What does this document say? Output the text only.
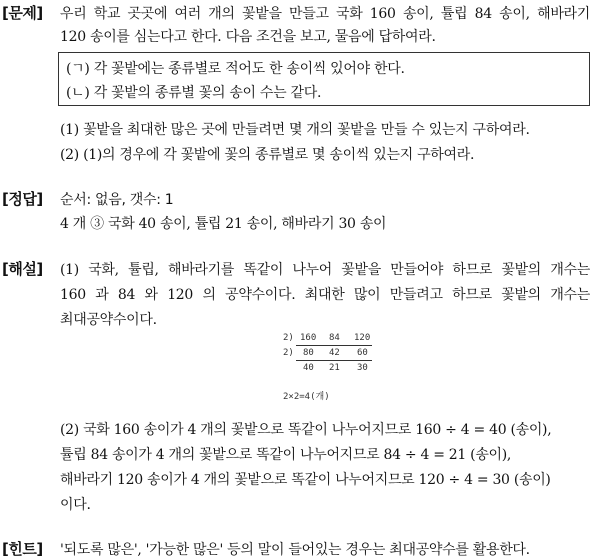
[문제] 우리 학교 곳곳에 여러 개의 꽃밭을 만들고 국화 160 송이, 튤립 84 송이, 해바라기
120 송이를 심는다고 한다. 다음 조건을 보고, 물음에 답하여라.
(ㄱ) 각 꽃밭에는 종류별로 적어도 한 송이씩 있어야 한다.
(ㄴ) 각 꽃밭의 종류별 꽃의 송이 수는 같다.
(1) 꽃밭을 최대한 많은 곳에 만들려면 몇 개의 꽃밭을 만들 수 있는지 구하여라.
(2) (1)의 경우에 각 꽃밭에 꽃의 종류별로 몇 송이씩 있는지 구하여라.
[정답] 순서: 없음, 갯수: 1
4 개 ③ 국화 40 송이, 튤립 21 송이, 해바라기 30 송이
[해설] (1) 국화, 튤립, 해바라기를 똑같이 나누어 꽃밭을 만들어야 하므로 꽃밭의 개수는
160 과 84 와 120 의 공약수이다. 최대한 많이 만들려고 하므로 꽃밭의 개수는
최대공약수이다.
2) 160 84 120
2) 80 42 60
40 21 30
2×2=4(개)
(2) 국화 160 송이가 4 개의 꽃밭으로 똑같이 나누어지므로 160 ÷ 4 = 40 (송이),
튤립 84 송이가 4 개의 꽃밭으로 똑같이 나누어지므로 84 ÷ 4 = 21 (송이),
해바라기 120 송이가 4 개의 꽃밭으로 똑같이 나누어지므로 120 ÷ 4 = 30 (송이)
이다.
[힌트] '되도록 많은', '가능한 많은' 등의 말이 들어있는 경우는 최대공약수를 활용한다.
